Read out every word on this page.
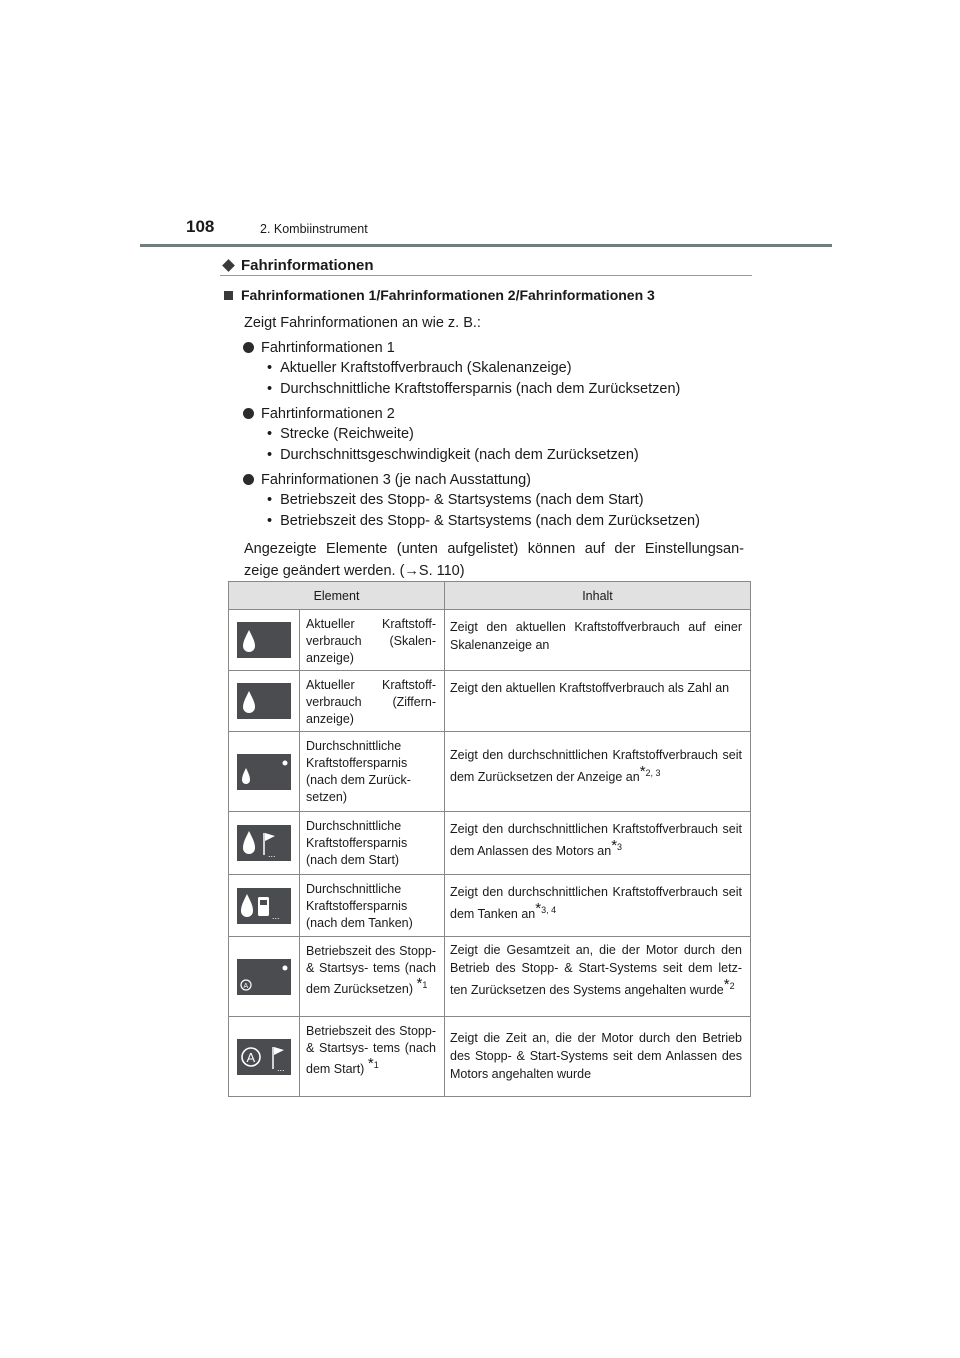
108	2. Kombiinstrument
Fahrinformationen
Fahrinformationen 1/Fahrinformationen 2/Fahrinformationen 3
Zeigt Fahrinformationen an wie z. B.:
Fahrtinformationen 1
• Aktueller Kraftstoffverbrauch (Skalenanzeige)
• Durchschnittliche Kraftstoffersparnis (nach dem Zurücksetzen)
Fahrtinformationen 2
• Strecke (Reichweite)
• Durchschnittsgeschwindigkeit (nach dem Zurücksetzen)
Fahrinformationen 3 (je nach Ausstattung)
• Betriebszeit des Stopp- & Startsystems (nach dem Start)
• Betriebszeit des Stopp- & Startsystems (nach dem Zurücksetzen)
Angezeigte Elemente (unten aufgelistet) können auf der Einstellungsan- zeige geändert werden. (→S. 110)
Element		Inhalt

	Aktueller Kraftstoff- verbrauch (Skalen- anzeige)	Zeigt den aktuellen Kraftstoffverbrauch auf einer Skalenanzeige an

	Aktueller Kraftstoff- verbrauch (Ziffern- anzeige)	Zeigt den aktuellen Kraftstoffverbrauch als Zahl an

	Durchschnittliche Kraftstoffersparnis (nach dem Zurück- setzen)	Zeigt den durchschnittlichen Kraftstoffverbrauch seit dem Zurücksetzen der Anzeige an*$^{2, 3}$

...	Durchschnittliche Kraftstoffersparnis (nach dem Start)	Zeigt den durchschnittlichen Kraftstoffverbrauch seit dem Anlassen des Motors an*$^3$

...	Durchschnittliche Kraftstoffersparnis (nach dem Tanken)	Zeigt den durchschnittlichen Kraftstoffverbrauch seit dem Tanken an*$^{3, 4}$

A	Betriebszeit des Stopp- & Startsys- tems (nach dem Zurücksetzen) *$^1$	Zeigt die Gesamtzeit an, die der Motor durch den Betrieb des Stopp- & Start-Systems seit dem letz- ten Zurücksetzen des Systems angehalten wurde*$^2$

A
...	Betriebszeit des Stopp- & Startsys- tems (nach dem Start) *$^1$	Zeigt die Zeit an, die der Motor durch den Betrieb des Stopp- & Start-Systems seit dem Anlassen des Motors angehalten wurde
